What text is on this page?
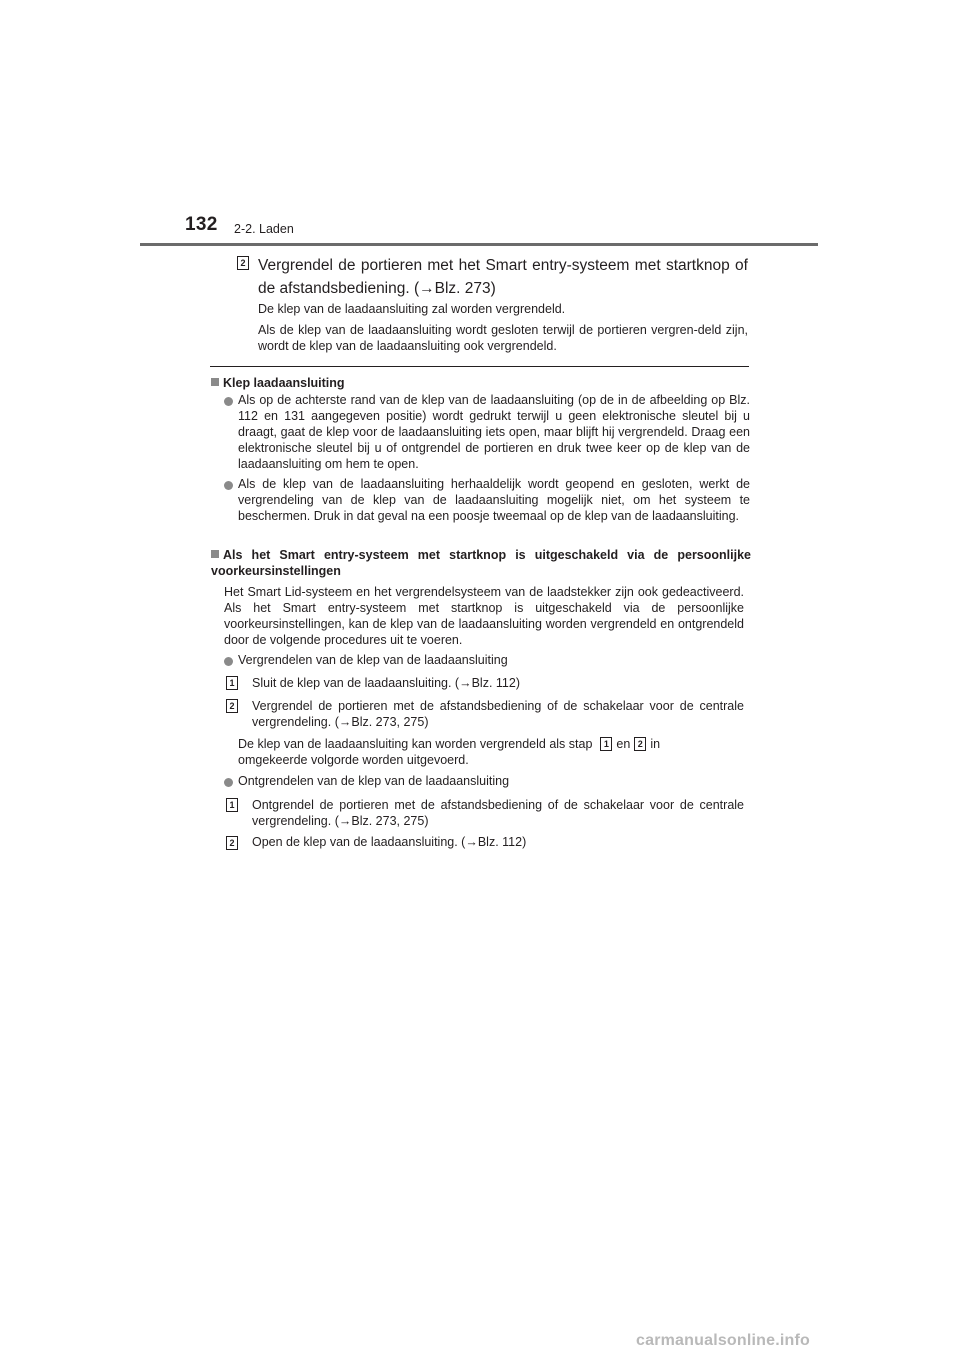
132 2-2. Laden
2 Vergrendel de portieren met het Smart entry-systeem met startknop of de afstandsbediening. (→Blz. 273)
De klep van de laadaansluiting zal worden vergrendeld.
Als de klep van de laadaansluiting wordt gesloten terwijl de portieren vergren-deld zijn, wordt de klep van de laadaansluiting ook vergrendeld.
Klep laadaansluiting
Als op de achterste rand van de klep van de laadaansluiting (op de in de afbeelding op Blz. 112 en 131 aangegeven positie) wordt gedrukt terwijl u geen elektronische sleutel bij u draagt, gaat de klep voor de laadaansluiting iets open, maar blijft hij vergrendeld. Draag een elektronische sleutel bij u of ontgrendel de portieren en druk twee keer op de klep van de laadaansluiting om hem te open.
Als de klep van de laadaansluiting herhaaldelijk wordt geopend en gesloten, werkt de vergrendeling van de klep van de laadaansluiting mogelijk niet, om het systeem te beschermen. Druk in dat geval na een poosje tweemaal op de klep van de laadaansluiting.
Als het Smart entry-systeem met startknop is uitgeschakeld via de persoonlijke voorkeursinstellingen
Het Smart Lid-systeem en het vergrendelsysteem van de laadstekker zijn ook gedeactiveerd. Als het Smart entry-systeem met startknop is uitgeschakeld via de persoonlijke voorkeursinstellingen, kan de klep van de laadaansluiting worden vergrendeld en ontgrendeld door de volgende procedures uit te voeren.
Vergrendelen van de klep van de laadaansluiting
1 Sluit de klep van de laadaansluiting. (→Blz. 112)
2 Vergrendel de portieren met de afstandsbediening of de schakelaar voor de centrale vergrendeling. (→Blz. 273, 275)
De klep van de laadaansluiting kan worden vergrendeld als stap 1 en 2 in
omgekeerde volgorde worden uitgevoerd.
Ontgrendelen van de klep van de laadaansluiting
1 Ontgrendel de portieren met de afstandsbediening of de schakelaar voor de centrale vergrendeling. (→Blz. 273, 275)
2 Open de klep van de laadaansluiting. (→Blz. 112)
carmanualsonline.info
